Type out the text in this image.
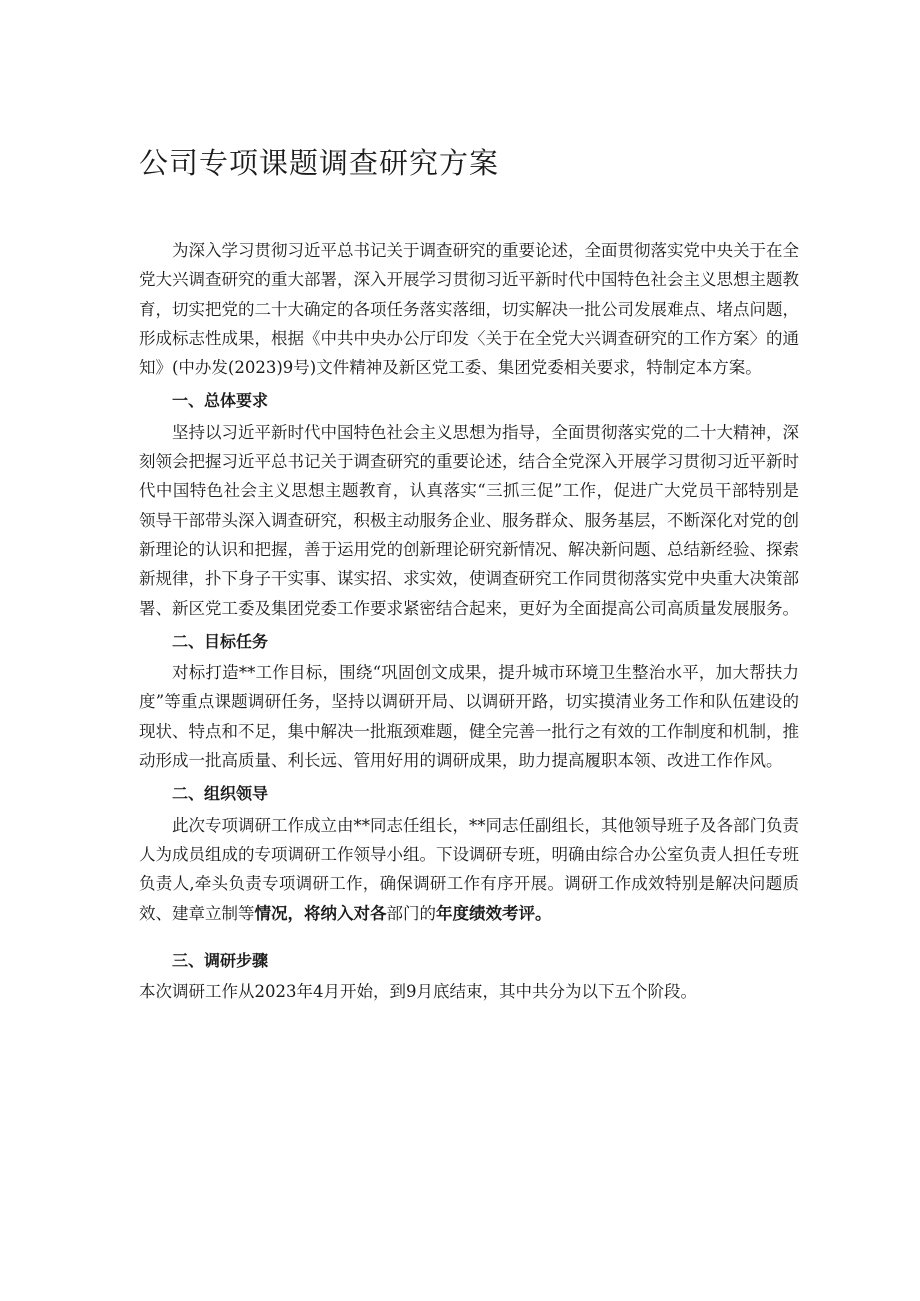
公司专项课题调查研究方案

为深入学习贯彻习近平总书记关于调查研究的重要论述，全面贯彻落实党中央关于在全党大兴调查研究的重大部署，深入开展学习贯彻习近平新时代中国特色社会主义思想主题教育，切实把党的二十大确定的各项任务落实落细，切实解决一批公司发展难点、堵点问题，形成标志性成果，根据《中共中央办公厅印发〈关于在全党大兴调查研究的工作方案〉的通知》(中办发(2023)9号)文件精神及新区党工委、集团党委相关要求，特制定本方案。

一、总体要求

坚持以习近平新时代中国特色社会主义思想为指导，全面贯彻落实党的二十大精神，深刻领会把握习近平总书记关于调查研究的重要论述，结合全党深入开展学习贯彻习近平新时代中国特色社会主义思想主题教育，认真落实“三抓三促”工作，促进广大党员干部特别是领导干部带头深入调查研究，积极主动服务企业、服务群众、服务基层，不断深化对党的创新理论的认识和把握，善于运用党的创新理论研究新情况、解决新问题、总结新经验、探索新规律，扑下身子干实事、谋实招、求实效，使调查研究工作同贯彻落实党中央重大决策部署、新区党工委及集团党委工作要求紧密结合起来，更好为全面提高公司高质量发展服务。

二、目标任务

对标打造**工作目标，围绕“巩固创文成果，提升城市环境卫生整治水平，加大帮扶力度”等重点课题调研任务，坚持以调研开局、以调研开路，切实摸清业务工作和队伍建设的现状、特点和不足，集中解决一批瓶颈难题，健全完善一批行之有效的工作制度和机制，推动形成一批高质量、利长远、管用好用的调研成果，助力提高履职本领、改进工作作风。

二、组织领导

此次专项调研工作成立由**同志任组长，**同志任副组长，其他领导班子及各部门负责人为成员组成的专项调研工作领导小组。下设调研专班，明确由综合办公室负责人担任专班负责人,牵头负责专项调研工作，确保调研工作有序开展。调研工作成效特别是解决问题质效、建章立制等情况，将纳入对各部门的年度绩效考评。

三、调研步骤

本次调研工作从2023年4月开始，到9月底结束，其中共分为以下五个阶段。
